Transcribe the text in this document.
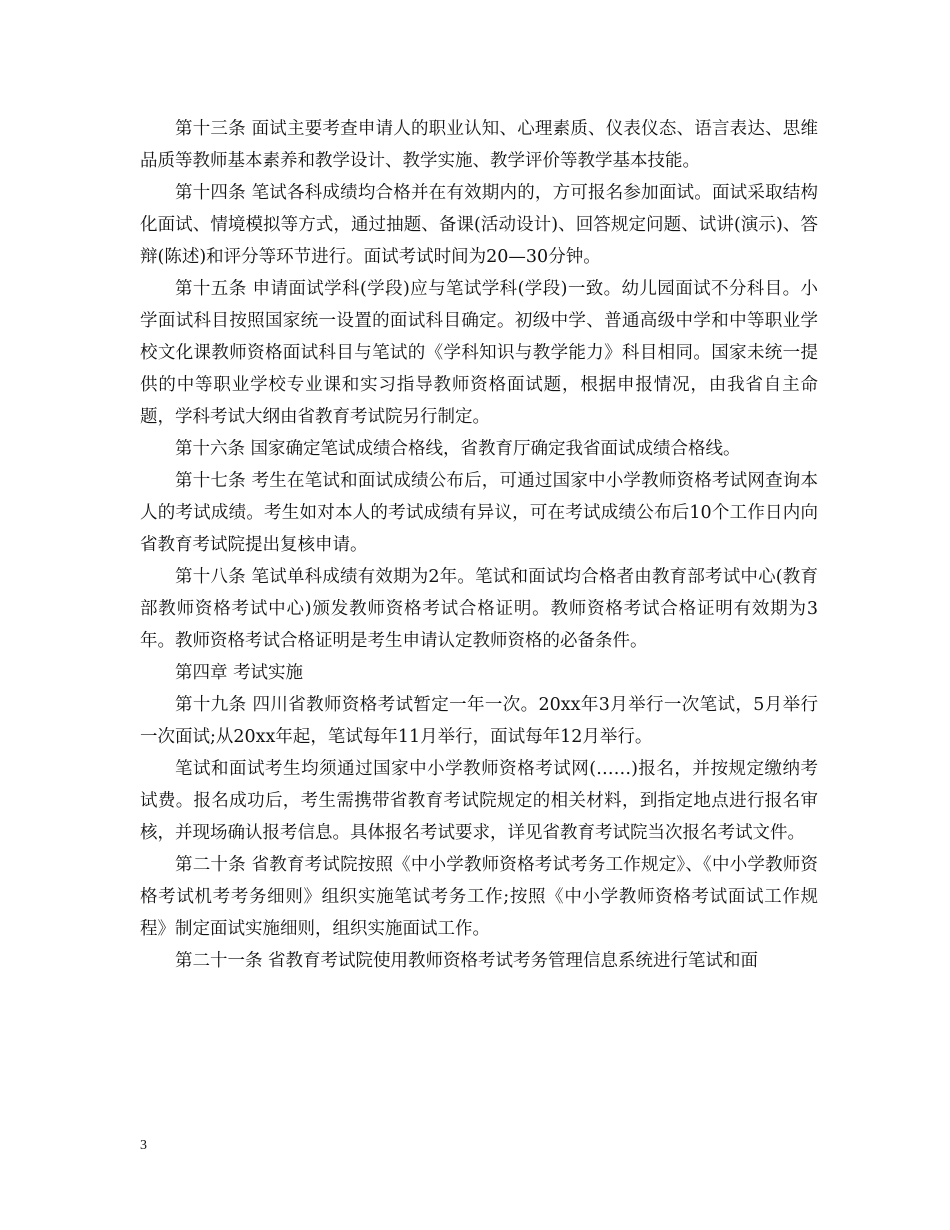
第十三条 面试主要考查申请人的职业认知、心理素质、仪表仪态、语言表达、思维品质等教师基本素养和教学设计、教学实施、教学评价等教学基本技能。

第十四条 笔试各科成绩均合格并在有效期内的，方可报名参加面试。面试采取结构化面试、情境模拟等方式，通过抽题、备课(活动设计)、回答规定问题、试讲(演示)、答辩(陈述)和评分等环节进行。面试考试时间为20—30分钟。

第十五条 申请面试学科(学段)应与笔试学科(学段)一致。幼儿园面试不分科目。小学面试科目按照国家统一设置的面试科目确定。初级中学、普通高级中学和中等职业学校文化课教师资格面试科目与笔试的《学科知识与教学能力》科目相同。国家未统一提供的中等职业学校专业课和实习指导教师资格面试题，根据申报情况，由我省自主命题，学科考试大纲由省教育考试院另行制定。

第十六条 国家确定笔试成绩合格线，省教育厅确定我省面试成绩合格线。

第十七条 考生在笔试和面试成绩公布后，可通过国家中小学教师资格考试网查询本人的考试成绩。考生如对本人的考试成绩有异议，可在考试成绩公布后10个工作日内向省教育考试院提出复核申请。

第十八条 笔试单科成绩有效期为2年。笔试和面试均合格者由教育部考试中心(教育部教师资格考试中心)颁发教师资格考试合格证明。教师资格考试合格证明有效期为3年。教师资格考试合格证明是考生申请认定教师资格的必备条件。

第四章 考试实施

第十九条 四川省教师资格考试暂定一年一次。20xx年3月举行一次笔试，5月举行一次面试;从20xx年起，笔试每年11月举行，面试每年12月举行。

笔试和面试考生均须通过国家中小学教师资格考试网(……)报名，并按规定缴纳考试费。报名成功后，考生需携带省教育考试院规定的相关材料，到指定地点进行报名审核，并现场确认报考信息。具体报名考试要求，详见省教育考试院当次报名考试文件。

第二十条 省教育考试院按照《中小学教师资格考试考务工作规定》、《中小学教师资格考试机考考务细则》组织实施笔试考务工作;按照《中小学教师资格考试面试工作规程》制定面试实施细则，组织实施面试工作。

第二十一条 省教育考试院使用教师资格考试考务管理信息系统进行笔试和面

3
